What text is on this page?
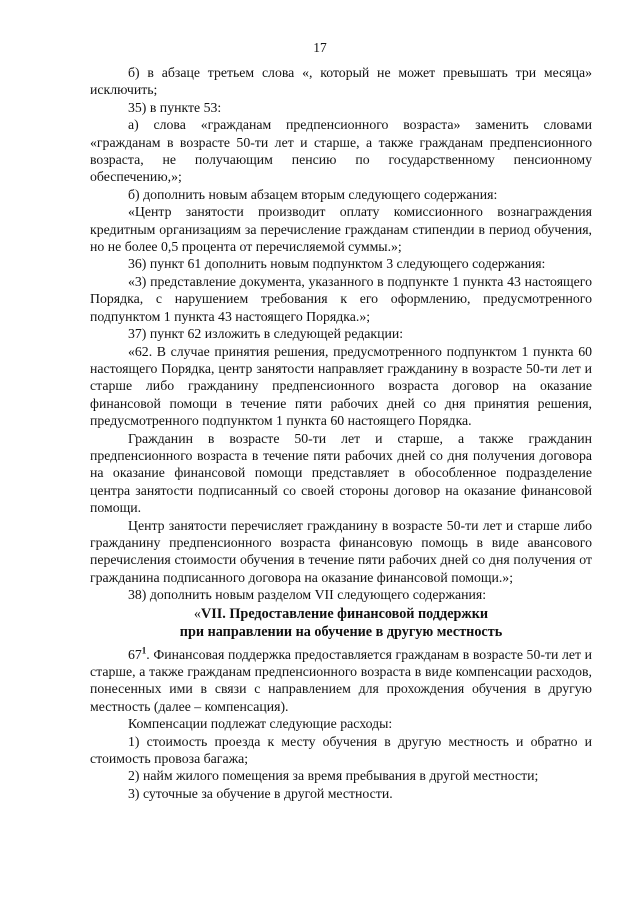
17

б) в абзаце третьем слова «, который не может превышать три месяца» исключить;

35) в пункте 53:

а) слова «гражданам предпенсионного возраста» заменить словами «гражданам в возрасте 50-ти лет и старше, а также гражданам предпенсионного возраста, не получающим пенсию по государственному пенсионному обеспечению,»;

б) дополнить новым абзацем вторым следующего содержания:

«Центр занятости производит оплату комиссионного вознаграждения кредитным организациям за перечисление гражданам стипендии в период обучения, но не более 0,5 процента от перечисляемой суммы.»;

36) пункт 61 дополнить новым подпунктом 3 следующего содержания:

«3) представление документа, указанного в подпункте 1 пункта 43 настоящего Порядка, с нарушением требования к его оформлению, предусмотренного подпунктом 1 пункта 43 настоящего Порядка.»;

37) пункт 62 изложить в следующей редакции:

«62. В случае принятия решения, предусмотренного подпунктом 1 пункта 60 настоящего Порядка, центр занятости направляет гражданину в возрасте 50-ти лет и старше либо гражданину предпенсионного возраста договор на оказание финансовой помощи в течение пяти рабочих дней со дня принятия решения, предусмотренного подпунктом 1 пункта 60 настоящего Порядка.

Гражданин в возрасте 50-ти лет и старше, а также гражданин предпенсионного возраста в течение пяти рабочих дней со дня получения договора на оказание финансовой помощи представляет в обособленное подразделение центра занятости подписанный со своей стороны договор на оказание финансовой помощи.

Центр занятости перечисляет гражданину в возрасте 50-ти лет и старше либо гражданину предпенсионного возраста финансовую помощь в виде авансового перечисления стоимости обучения в течение пяти рабочих дней со дня получения от гражданина подписанного договора на оказание финансовой помощи.»;

38) дополнить новым разделом VII следующего содержания:

«VII. Предоставление финансовой поддержки
при направлении на обучение в другую местность

$67^1$. Финансовая поддержка предоставляется гражданам в возрасте 50-ти лет и старше, а также гражданам предпенсионного возраста в виде компенсации расходов, понесенных ими в связи с направлением для прохождения обучения в другую местность (далее – компенсация).

Компенсации подлежат следующие расходы:

1) стоимость проезда к месту обучения в другую местность и обратно и стоимость провоза багажа;

2) найм жилого помещения за время пребывания в другой местности;

3) суточные за обучение в другой местности.
